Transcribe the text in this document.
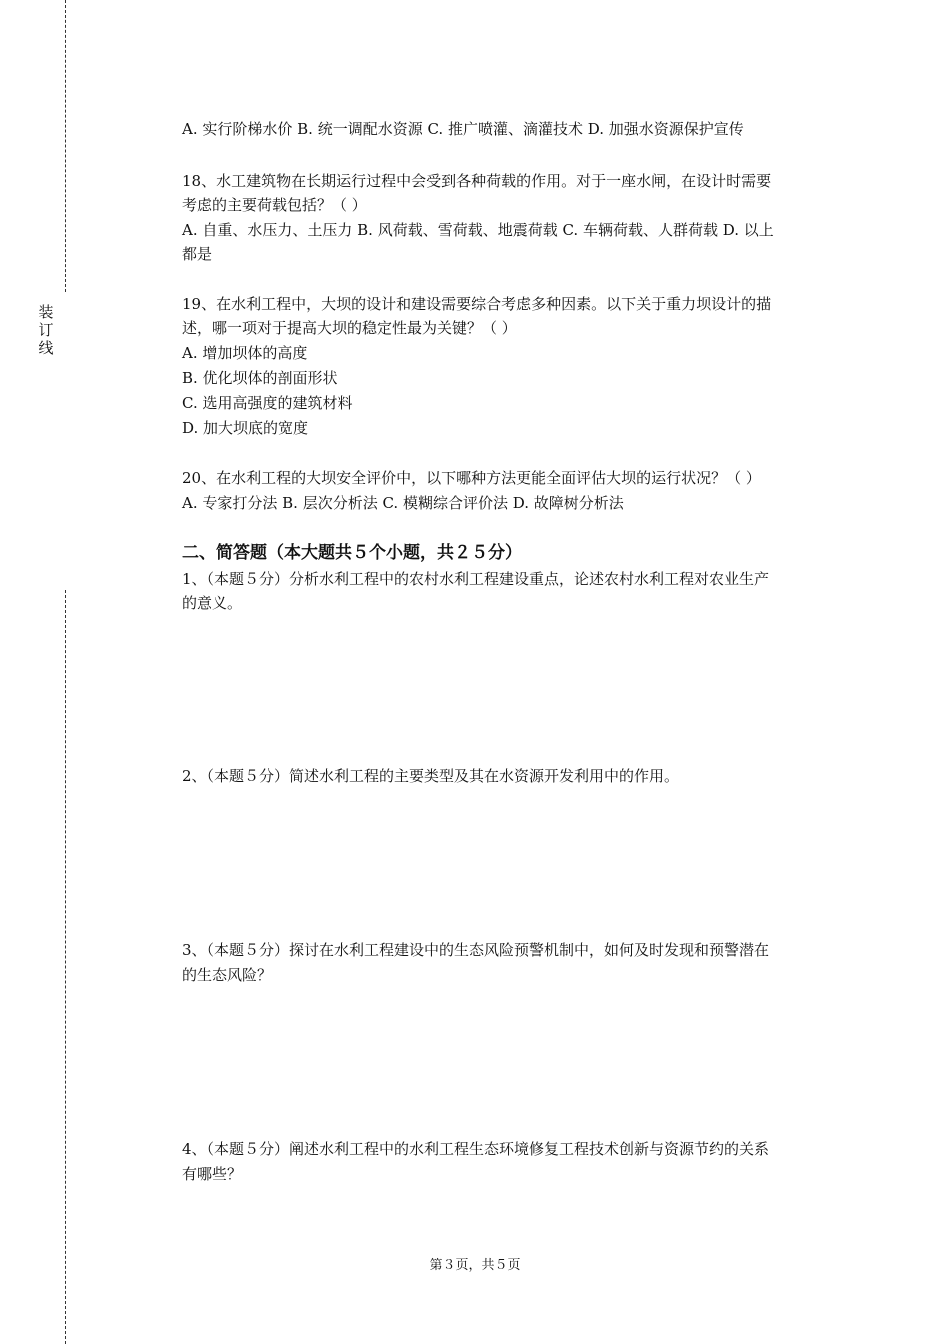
装
订
线
A. 实行阶梯水价 B. 统一调配水资源 C. 推广喷灌、滴灌技术 D. 加强水资源保护宣传
18、水工建筑物在长期运行过程中会受到各种荷载的作用。对于一座水闸，在设计时需要
考虑的主要荷载包括？（ ）
A. 自重、水压力、土压力 B. 风荷载、雪荷载、地震荷载 C. 车辆荷载、人群荷载 D. 以上
都是
19、在水利工程中，大坝的设计和建设需要综合考虑多种因素。以下关于重力坝设计的描
述，哪一项对于提高大坝的稳定性最为关键？（ ）
A. 增加坝体的高度
B. 优化坝体的剖面形状
C. 选用高强度的建筑材料
D. 加大坝底的宽度
20、在水利工程的大坝安全评价中，以下哪种方法更能全面评估大坝的运行状况？（ ）
A. 专家打分法 B. 层次分析法 C. 模糊综合评价法 D. 故障树分析法
二、简答题（本大题共５个小题，共２５分）
1、（本题５分）分析水利工程中的农村水利工程建设重点，论述农村水利工程对农业生产
的意义。
2、（本题５分）简述水利工程的主要类型及其在水资源开发利用中的作用。
3、（本题５分）探讨在水利工程建设中的生态风险预警机制中，如何及时发现和预警潜在
的生态风险？
4、（本题５分）阐述水利工程中的水利工程生态环境修复工程技术创新与资源节约的关系
有哪些？
第３页，共５页
